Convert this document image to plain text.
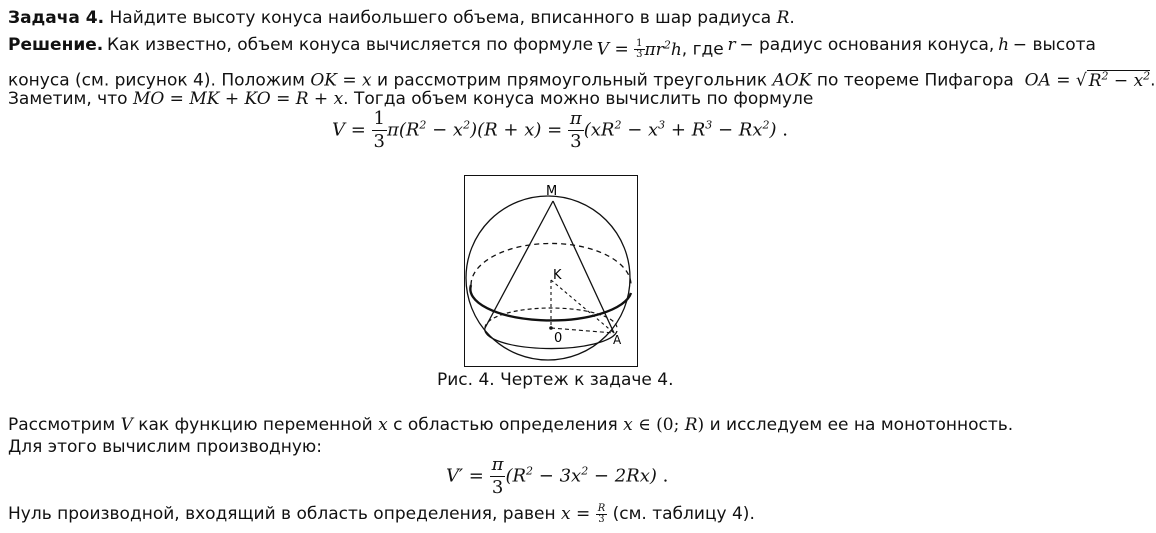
Задача 4. Найдите высоту конуса наибольшего объема, вписанного в шар радиуса R.
Решение. Как известно, объем конуса вычисляется по формуле $V = \frac{1}{3} \pi r^2h$, где r − радиус основания конуса, h − высота
конуса (см. рисунок 4). Положим OK = x и рассмотрим прямоугольный треугольник AOK по теореме Пифагора OA = √ $R^2 - x^2$.
Заметим, что MO = MK + KO = R + x. Тогда объем конуса можно вычислить по формуле
$V = \frac{1}{3} \pi(R^2 - x^2)(R + x) = \frac{\pi}{3} (xR^2 - x^3 + R^3 - Rx^2)$ .
M
K
0	A
Рис. 4. Чертеж к задаче 4.
Рассмотрим V как функцию переменной x с областью определения x ∈ (0; R) и исследуем ее на монотонность.
Для этого вычислим производную:
$V' = \frac{\pi}{3} (R^2 - 3x^2 - 2Rx)$ .
Нуль производной, входящий в область определения, равен $x = \frac{R}{3} (см$. таблицу 4).
